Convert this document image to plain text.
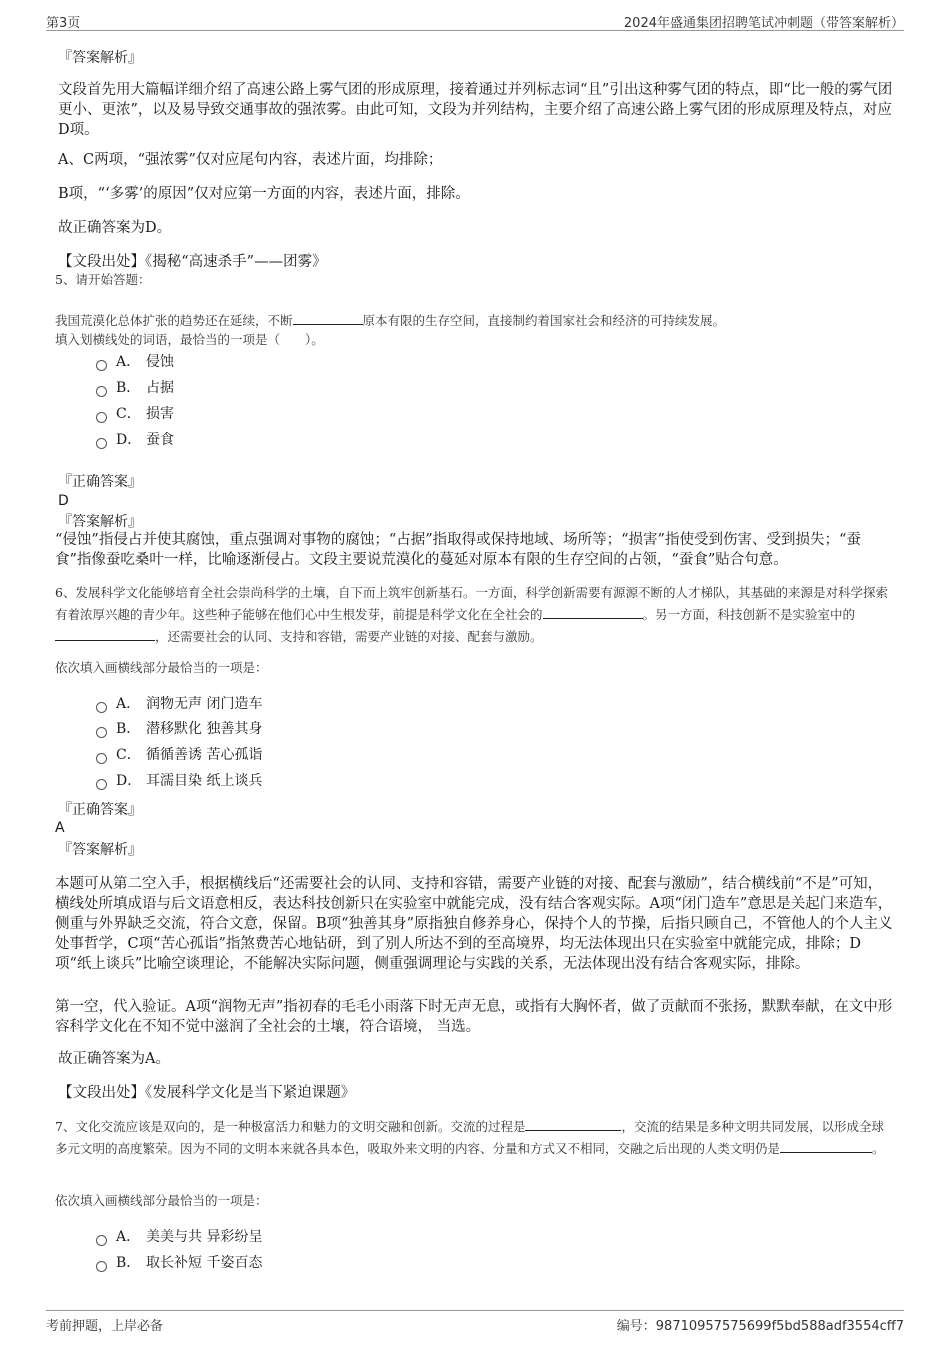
第3页	2024年盛通集团招聘笔试冲刺题（带答案解析）
『答案解析』
文段首先用大篇幅详细介绍了高速公路上雾气团的形成原理，接着通过并列标志词“且”引出这种雾气团的特点，即“比一般的雾气团更小、更浓”，以及易导致交通事故的强浓雾。由此可知，文段为并列结构，主要介绍了高速公路上雾气团的形成原理及特点，对应D项。
A、C两项，“强浓雾”仅对应尾句内容，表述片面，均排除；
B项，“‘多雾’的原因”仅对应第一方面的内容，表述片面，排除。
故正确答案为D。
【文段出处】《揭秘“高速杀手”——团雾》
5、请开始答题：
我国荒漠化总体扩张的趋势还在延续，不断	原本有限的生存空间，直接制约着国家社会和经济的可持续发展。
填入划横线处的词语，最恰当的一项是（　　）。
A． 侵蚀
B． 占据
C． 损害
D． 蚕食
『正确答案』
D
『答案解析』
“侵蚀”指侵占并使其腐蚀，重点强调对事物的腐蚀；“占据”指取得或保持地域、场所等；“损害”指使受到伤害、受到损失；“蚕食”指像蚕吃桑叶一样，比喻逐渐侵占。文段主要说荒漠化的蔓延对原本有限的生存空间的占领，“蚕食”贴合句意。
6、发展科学文化能够培育全社会崇尚科学的土壤，自下而上筑牢创新基石。一方面，科学创新需要有源源不断的人才梯队，其基础的来源是对科学探索有着浓厚兴趣的青少年。这些种子能够在他们心中生根发芽，前提是科学文化在全社会的	。另一方面，科技创新不是实验室中的，还需要社会的认同、支持和容错，需要产业链的对接、配套与激励。
依次填入画横线部分最恰当的一项是：
A． 润物无声 闭门造车
B． 潜移默化 独善其身
C． 循循善诱 苦心孤诣
D． 耳濡目染 纸上谈兵
『正确答案』
A
『答案解析』
本题可从第二空入手，根据横线后“还需要社会的认同、支持和容错，需要产业链的对接、配套与激励”，结合横线前“不是”可知，横线处所填成语与后文语意相反，表达科技创新只在实验室中就能完成，没有结合客观实际。A项“闭门造车”意思是关起门来造车，侧重与外界缺乏交流，符合文意，保留。B项“独善其身”原指独自修养身心，保持个人的节操，后指只顾自己，不管他人的个人主义处事哲学，C项“苦心孤诣”指煞费苦心地钻研，到了别人所达不到的至高境界，均无法体现出只在实验室中就能完成，排除；D项“纸上谈兵”比喻空谈理论，不能解决实际问题，侧重强调理论与实践的关系，无法体现出没有结合客观实际，排除。
第一空，代入验证。A项“润物无声”指初春的毛毛小雨落下时无声无息，或指有大胸怀者，做了贡献而不张扬，默默奉献，在文中形容科学文化在不知不觉中滋润了全社会的土壤，符合语境， 当选。
故正确答案为A。
【文段出处】《发展科学文化是当下紧迫课题》
7、文化交流应该是双向的，是一种极富活力和魅力的文明交融和创新。交流的过程是	，交流的结果是多种文明共同发展，以形成全球多元文明的高度繁荣。因为不同的文明本来就各具本色，吸取外来文明的内容、分量和方式又不相同，交融之后出现的人类文明仍是	。
依次填入画横线部分最恰当的一项是：
A． 美美与共 异彩纷呈
B． 取长补短 千姿百态
考前押题，上岸必备	编号：98710957575699f5bd588adf3554cff7
